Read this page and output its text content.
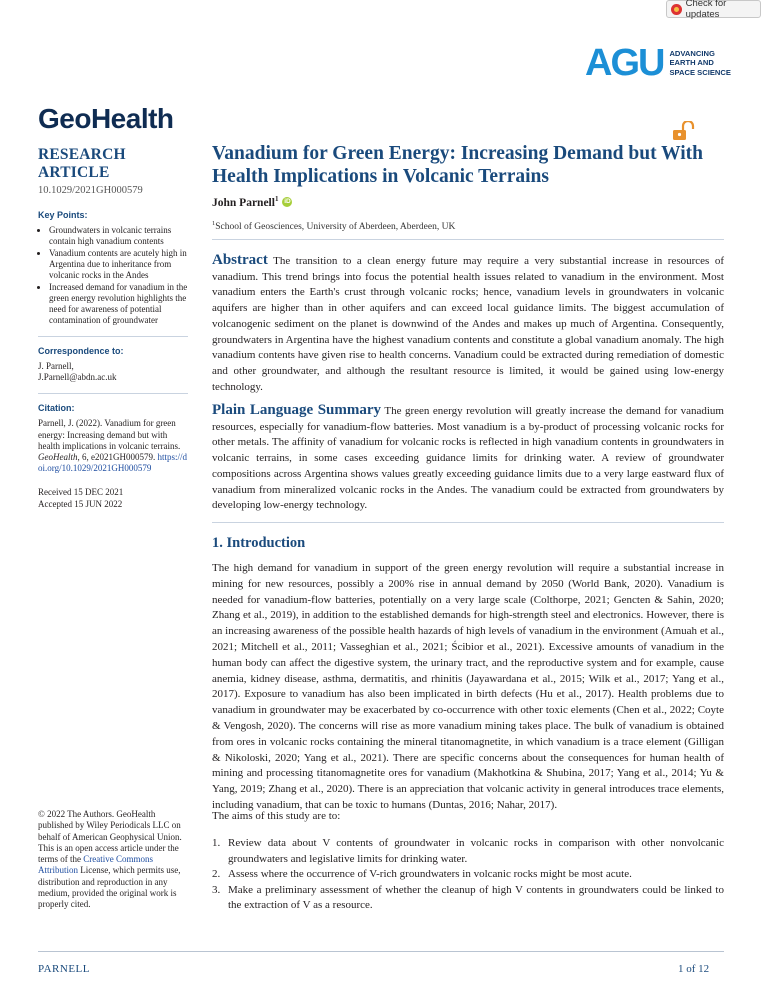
Check for updates
AGU ADVANCING
EARTH AND
SPACE SCIENCE
GeoHealth
RESEARCH ARTICLE
10.1029/2021GH000579
Key Points:
• Groundwaters in volcanic terrains contain high vanadium contents
• Vanadium contents are acutely high in Argentina due to inheritance from volcanic rocks in the Andes
• Increased demand for vanadium in the green energy revolution highlights the need for awareness of potential contamination of groundwater
Correspondence to:
J. Parnell,
J.Parnell@abdn.ac.uk
Citation:
Parnell, J. (2022). Vanadium for green energy: Increasing demand but with health implications in volcanic terrains. GeoHealth, 6, e2021GH000579. https://doi.org/10.1029/2021GH000579
Received 15 DEC 2021
Accepted 15 JUN 2022
© 2022 The Authors. GeoHealth published by Wiley Periodicals LLC on behalf of American Geophysical Union. This is an open access article under the terms of the Creative Commons Attribution License, which permits use, distribution and reproduction in any medium, provided the original work is properly cited.
Vanadium for Green Energy: Increasing Demand but With Health Implications in Volcanic Terrains
John Parnell$^1$ iD
$^1$School of Geosciences, University of Aberdeen, Aberdeen, UK
Abstract The transition to a clean energy future may require a very substantial increase in resources of vanadium. This trend brings into focus the potential health issues related to vanadium in the environment. Most vanadium enters the Earth's crust through volcanic rocks; hence, vanadium levels in groundwaters in volcanic aquifers are higher than in other aquifers and can exceed local guidance limits. The biggest accumulation of volcanogenic sediment on the planet is downwind of the Andes and makes up much of Argentina. Consequently, groundwaters in Argentina have the highest vanadium contents and constitute a global vanadium anomaly. The high vanadium contents have given rise to health concerns. Vanadium could be extracted during remediation of domestic and other groundwater, and although the resultant resource is limited, it would be gained using low-energy technology.
Plain Language Summary The green energy revolution will greatly increase the demand for vanadium resources, especially for vanadium-flow batteries. Most vanadium is a by-product of processing volcanic rocks for other metals. The affinity of vanadium for volcanic rocks is reflected in high vanadium contents in groundwaters in volcanic terrains, in some cases exceeding guidance limits for drinking water. A review of groundwater compositions across Argentina shows values greatly exceeding guidance limits due to a very large eastward flux of vanadium from mineralized volcanic rocks in the Andes. The vanadium could be extracted from groundwaters by developing low-energy technology.
1. Introduction
The high demand for vanadium in support of the green energy revolution will require a substantial increase in mining for new resources, possibly a 200% rise in annual demand by 2050 (World Bank, 2020). Vanadium is needed for vanadium-flow batteries, potentially on a very large scale (Colthorpe, 2021; Gencten & Sahin, 2020; Zhang et al., 2019), in addition to the established demands for high-strength steel and electronics. However, there is an increasing awareness of the possible health hazards of high levels of vanadium in the environment (Amuah et al., 2021; Mitchell et al., 2011; Vasseghian et al., 2021; Ścibior et al., 2021). Excessive amounts of vanadium in the human body can affect the digestive system, the urinary tract, and the reproductive system and for example, cause anemia, kidney disease, asthma, dermatitis, and rhinitis (Jayawardana et al., 2015; Wilk et al., 2017; Yang et al., 2017). Exposure to vanadium has also been implicated in birth defects (Hu et al., 2017). Health problems due to vanadium in groundwater may be exacerbated by co-occurrence with other toxic elements (Chen et al., 2022; Coyte & Vengosh, 2020). The concerns will rise as more vanadium mining takes place. The bulk of vanadium is obtained from ores in volcanic rocks containing the mineral titanomagnetite, in which vanadium is a trace element (Gilligan & Nikoloski, 2020; Yang et al., 2021). There are specific concerns about the consequences for human health of mining and processing titanomagnetite ores for vanadium (Makhotkina & Shubina, 2017; Yang et al., 2014; Yu & Yang, 2019; Zhang et al., 2020). There is an appreciation that volcanic activity in general introduces trace elements, including vanadium, that can be toxic to humans (Duntas, 2016; Nahar, 2017).
The aims of this study are to:
1. Review data about V contents of groundwater in volcanic rocks in comparison with other nonvolcanic groundwaters and legislative limits for drinking water.
2. Assess where the occurrence of V-rich groundwaters in volcanic rocks might be most acute.
3. Make a preliminary assessment of whether the cleanup of high V contents in groundwaters could be linked to the extraction of V as a resource.
PARNELL	1 of 12
